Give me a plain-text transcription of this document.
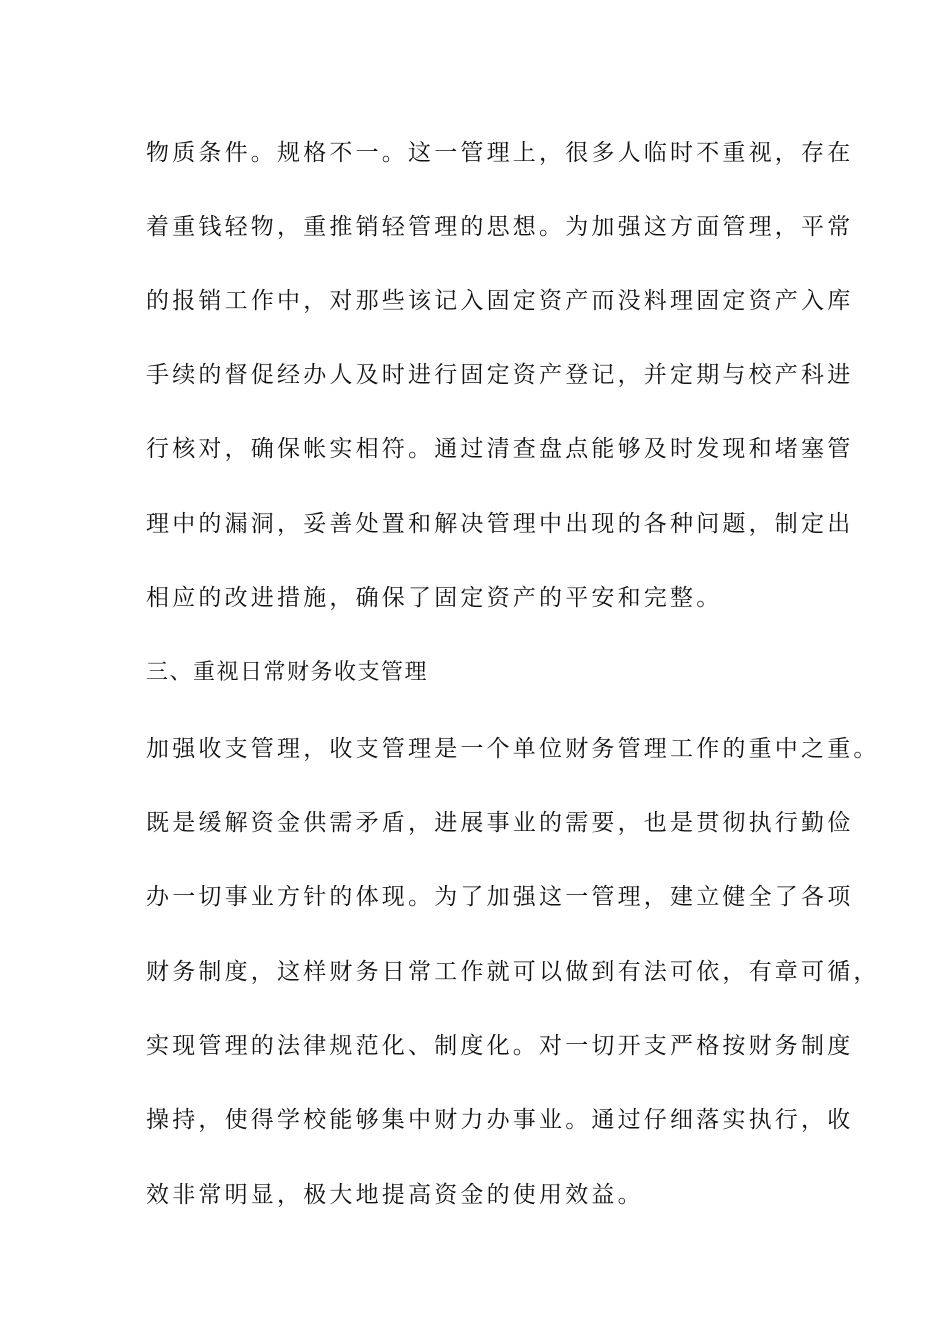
物质条件。规格不一。这一管理上，很多人临时不重视，存在
着重钱轻物，重推销轻管理的思想。为加强这方面管理，平常
的报销工作中，对那些该记入固定资产而没料理固定资产入库
手续的督促经办人及时进行固定资产登记，并定期与校产科进
行核对，确保帐实相符。通过清查盘点能够及时发现和堵塞管
理中的漏洞，妥善处置和解决管理中出现的各种问题，制定出
相应的改进措施，确保了固定资产的平安和完整。
三、重视日常财务收支管理
加强收支管理，收支管理是一个单位财务管理工作的重中之重。
既是缓解资金供需矛盾，进展事业的需要，也是贯彻执行勤俭
办一切事业方针的体现。为了加强这一管理，建立健全了各项
财务制度，这样财务日常工作就可以做到有法可依，有章可循，
实现管理的法律规范化、制度化。对一切开支严格按财务制度
操持，使得学校能够集中财力办事业。通过仔细落实执行，收
效非常明显，极大地提高资金的使用效益。
